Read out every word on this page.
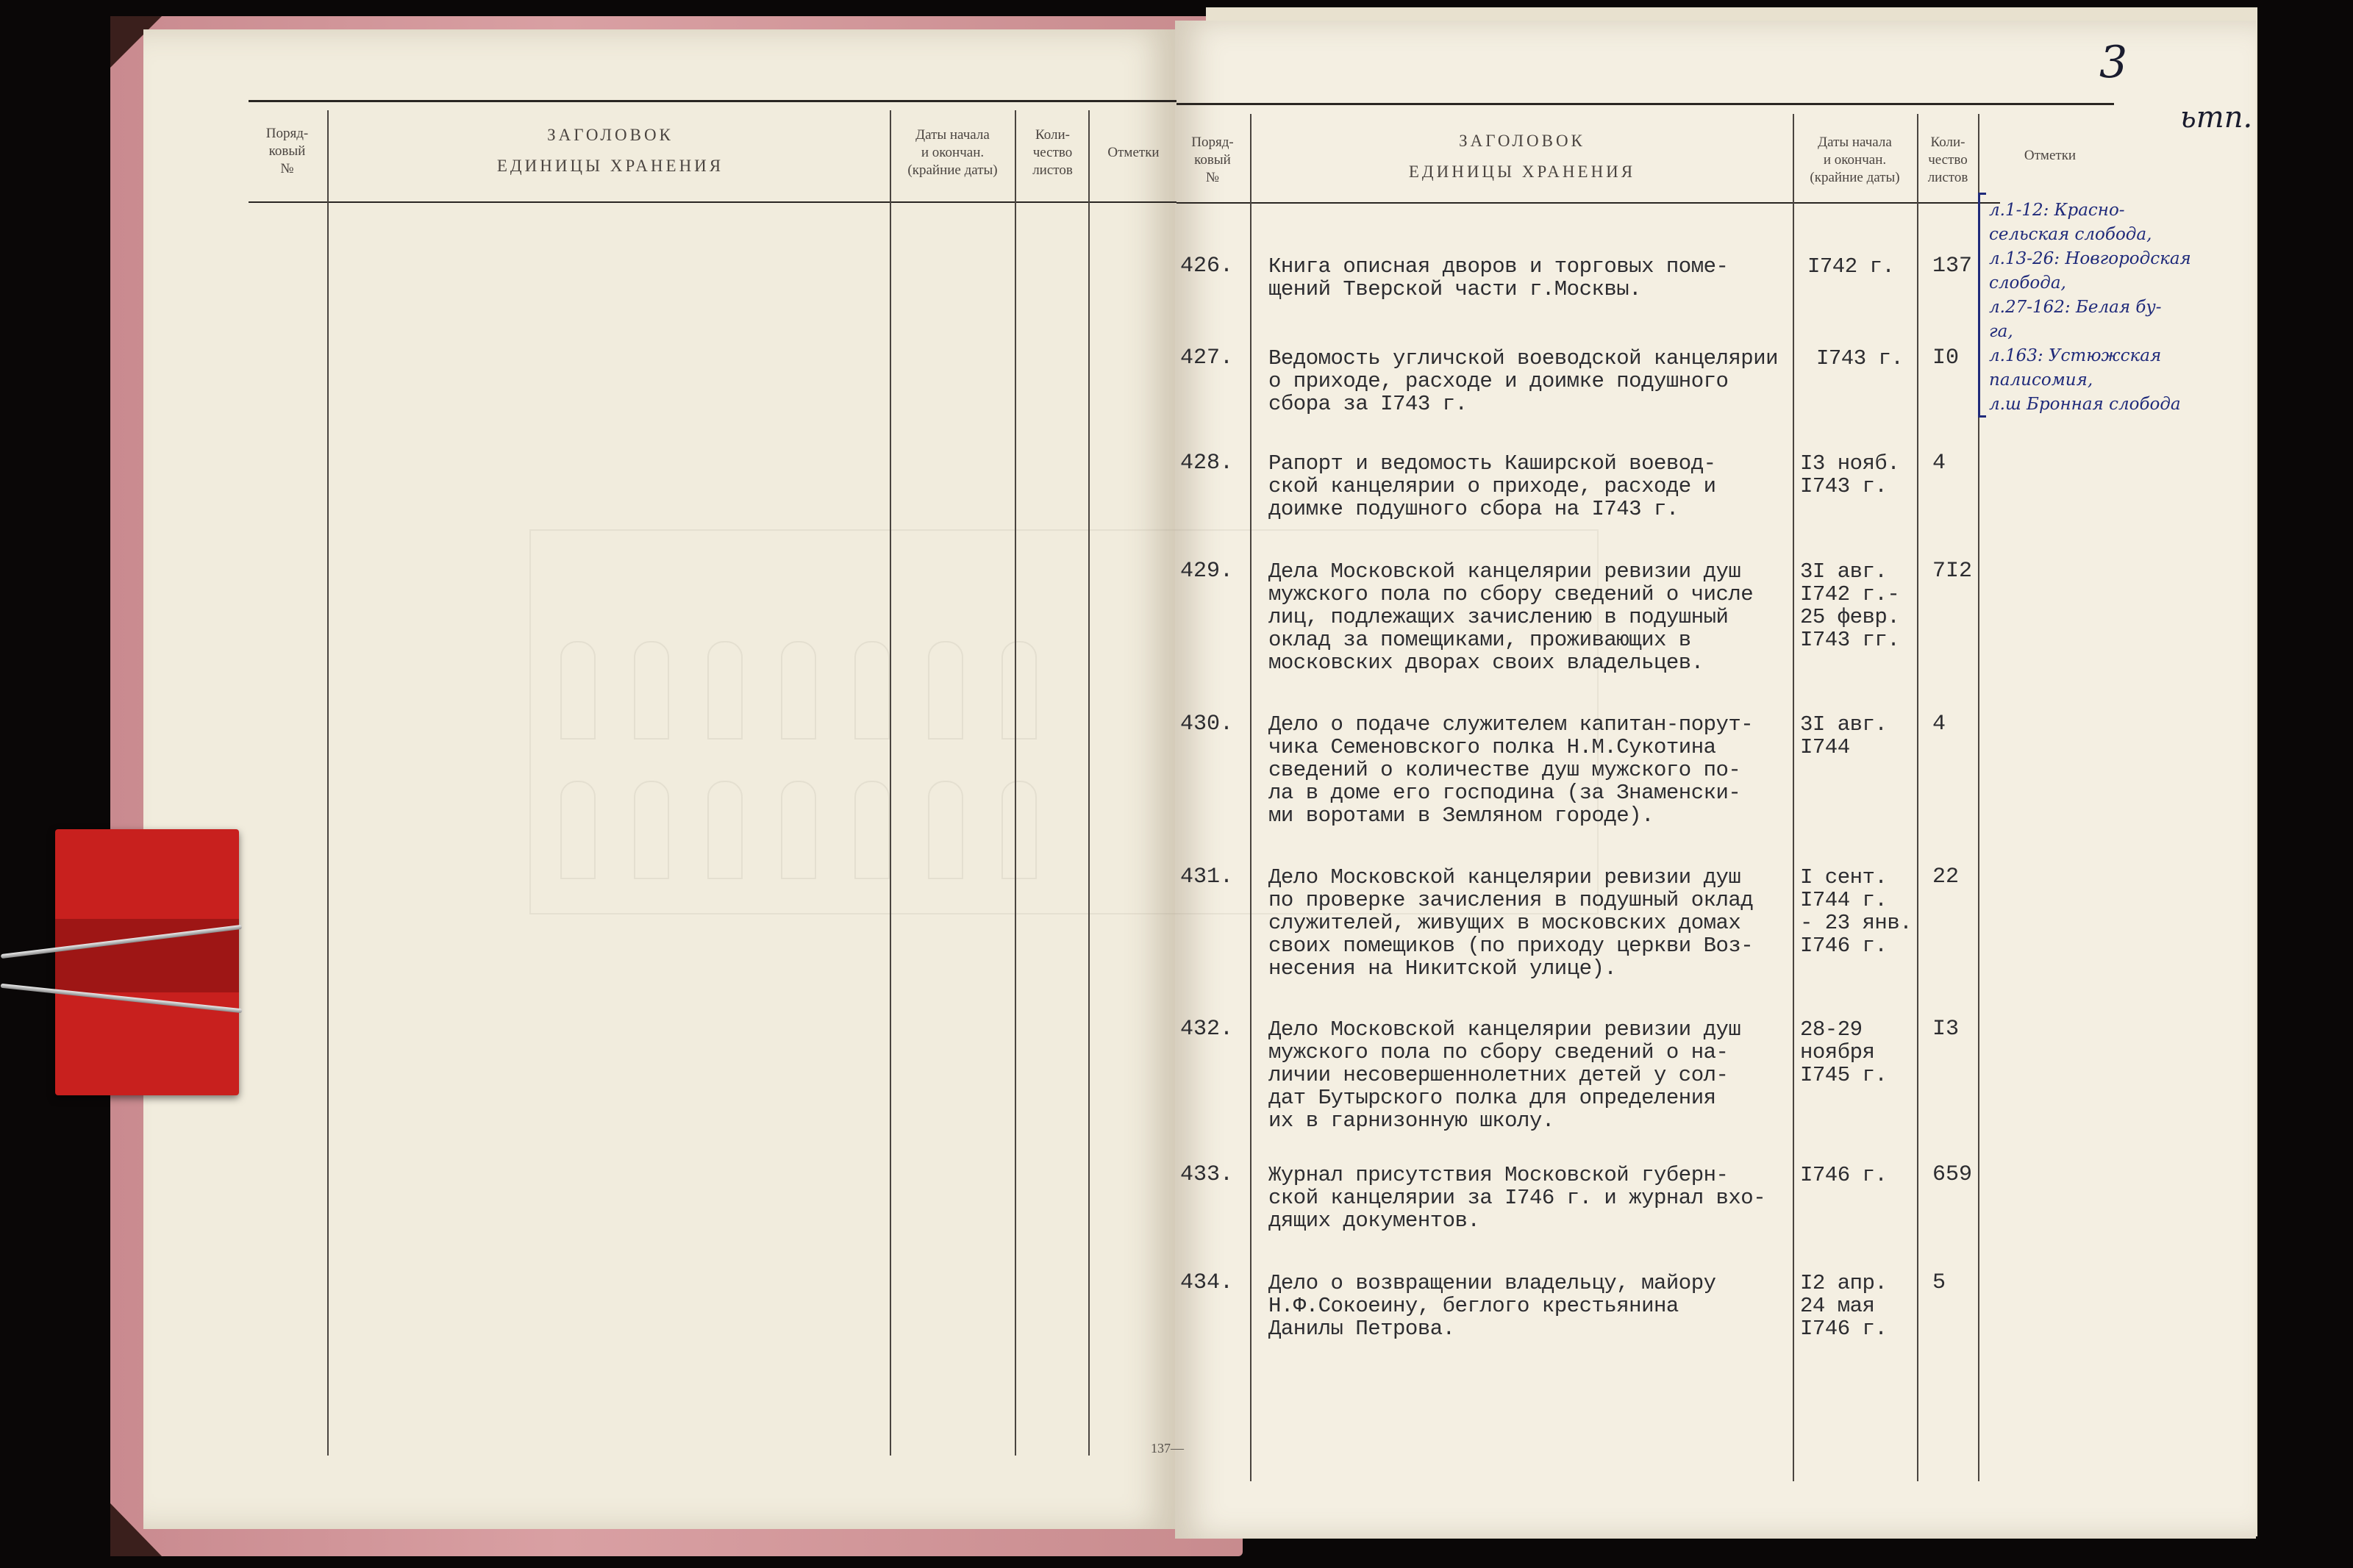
Поряд-
ковый
№
ЗАГОЛОВОК
ЕДИНИЦЫ ХРАНЕНИЯ
Даты начала
и окончан.
(крайние даты)
Коли-
чество
листов
Отметки
137—
Поряд-
ковый
№
ЗАГОЛОВОК
ЕДИНИЦЫ ХРАНЕНИЯ
Даты начала
и окончан.
(крайние даты)
Коли-
чество
листов
Отметки
3
ьтп.
426. Книга описная дворов и торговых поме-
щений Тверской части г.Москвы.
I742 г. 137
427. Ведомость угличской воеводской канцелярии
о приходе, расходе и доимке подушного
сбора за I743 г.
I743 г. I0
428. Рапорт и ведомость Каширской воевод-
ской канцелярии о приходе, расходе и
доимке подушного сбора на I743 г.
I3 нояб.
I743 г.
4
429. Дела Московской канцелярии ревизии душ
мужского пола по сбору сведений о числе
лиц, подлежащих зачислению в подушный
оклад за помещиками, проживающих в
московских дворах своих владельцев.
3I авг.
I742 г.-
25 февр.
I743 гг.
7I2
430. Дело о подаче служителем капитан-порут-
чика Семеновского полка Н.М.Сукотина
сведений о количестве душ мужского по-
ла в доме его господина (за Знаменски-
ми воротами в Земляном городе).
3I авг.
I744
4
431. Дело Московской канцелярии ревизии душ
по проверке зачисления в подушный оклад
служителей, живущих в московских домах
своих помещиков (по приходу церкви Воз-
несения на Никитской улице).
I сент.
I744 г.
- 23 янв.
I746 г.
22
432. Дело Московской канцелярии ревизии душ
мужского пола по сбору сведений о на-
личии несовершеннолетних детей у сол-
дат Бутырского полка для определения
их в гарнизонную школу.
28-29
ноября
I745 г.
I3
433. Журнал присутствия Московской губерн-
ской канцелярии за I746 г. и журнал вхо-
дящих документов.
I746 г. 659
434. Дело о возвращении владельцу, майору
Н.Ф.Сокоеину, беглого крестьянина
Данилы Петрова.
I2 апр.
24 мая
I746 г.
5
л.1-12: Красно-
сельская слобода,
л.13-26: Новгородская
слобода,
л.27-162: Белая бу-
га,
л.163: Устюжская
палисомия,
л.ш Бронная слобода
